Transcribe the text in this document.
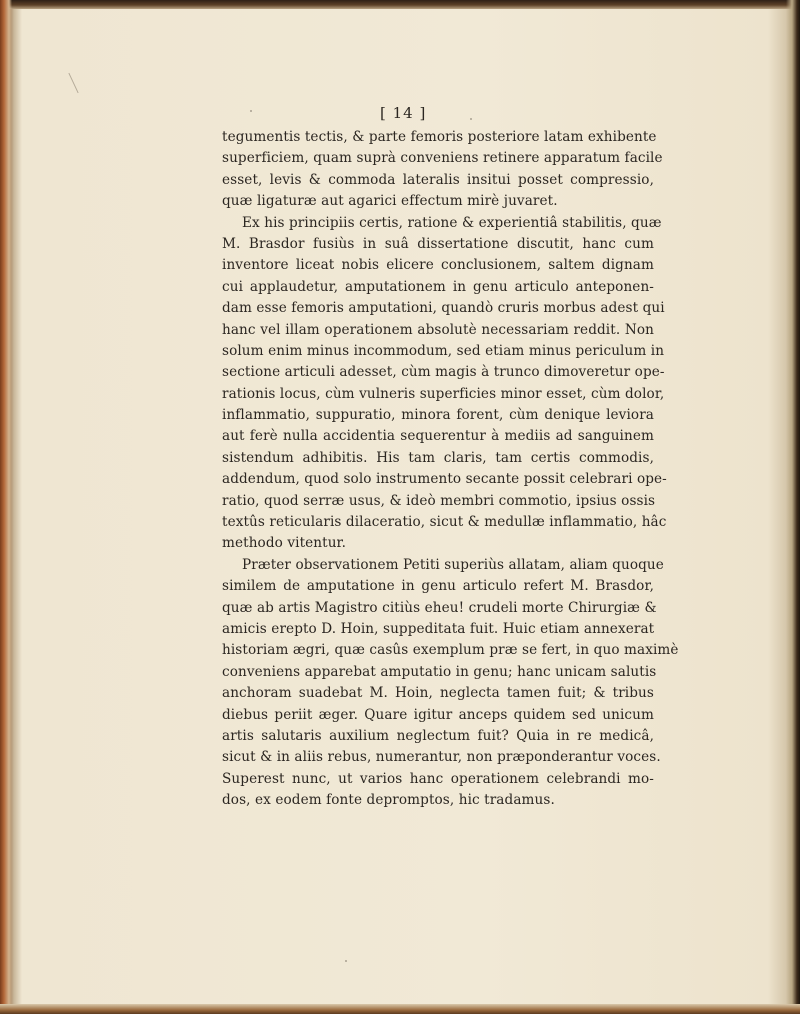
[ 14 ]
tegumentis tectis, & parte femoris posteriore latam exhibente
superficiem, quam suprà conveniens retinere apparatum facile
esset, levis & commoda lateralis insitui posset compressio,
quæ ligaturæ aut agarici effectum mirè juvaret.
Ex his principiis certis, ratione & experientiâ stabilitis, quæ
M. Brasdor fusiùs in suâ dissertatione discutit, hanc cum
inventore liceat nobis elicere conclusionem, saltem dignam
cui applaudetur, amputationem in genu articulo anteponen-
dam esse femoris amputationi, quandò cruris morbus adest qui
hanc vel illam operationem absolutè necessariam reddit. Non
solum enim minus incommodum, sed etiam minus periculum in
sectione articuli adesset, cùm magis à trunco dimoveretur ope-
rationis locus, cùm vulneris superficies minor esset, cùm dolor,
inflammatio, suppuratio, minora forent, cùm denique leviora
aut ferè nulla accidentia sequerentur à mediis ad sanguinem
sistendum adhibitis. His tam claris, tam certis commodis,
addendum, quod solo instrumento secante possit celebrari ope-
ratio, quod serræ usus, & ideò membri commotio, ipsius ossis
textûs reticularis dilaceratio, sicut & medullæ inflammatio, hâc
methodo vitentur.
Præter observationem Petiti superiùs allatam, aliam quoque
similem de amputatione in genu articulo refert M. Brasdor,
quæ ab artis Magistro citiùs eheu! crudeli morte Chirurgiæ &
amicis erepto D. Hoin, suppeditata fuit. Huic etiam annexerat
historiam ægri, quæ casûs exemplum præ se fert, in quo maximè
conveniens apparebat amputatio in genu; hanc unicam salutis
anchoram suadebat M. Hoin, neglecta tamen fuit; & tribus
diebus periit æger. Quare igitur anceps quidem sed unicum
artis salutaris auxilium neglectum fuit? Quia in re medicâ,
sicut & in aliis rebus, numerantur, non præponderantur voces.
Superest nunc, ut varios hanc operationem celebrandi mo-
dos, ex eodem fonte depromptos, hic tradamus.
